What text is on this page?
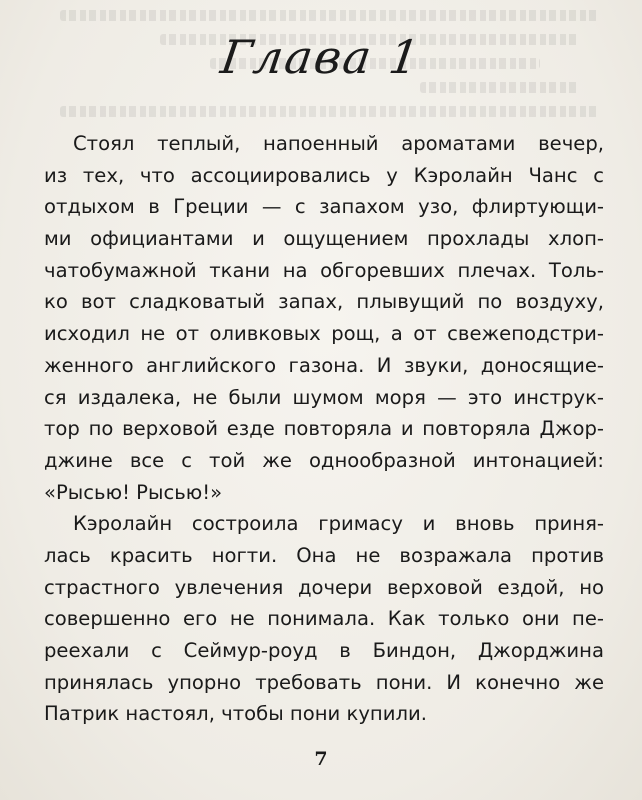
Глава 1

Стоял теплый, напоенный ароматами вечер,
из тех, что ассоциировались у Кэролайн Чанс с
отдыхом в Греции — с запахом узо, флиртующи-
ми официантами и ощущением прохлады хлоп-
чатобумажной ткани на обгоревших плечах. Толь-
ко вот сладковатый запах, плывущий по воздуху,
исходил не от оливковых рощ, а от свежеподстри-
женного английского газона. И звуки, доносящие-
ся издалека, не были шумом моря — это инструк-
тор по верховой езде повторяла и повторяла Джор-
джине все с той же однообразной интонацией:
«Рысью! Рысью!»

Кэролайн состроила гримасу и вновь приня-
лась красить ногти. Она не возражала против
страстного увлечения дочери верховой ездой, но
совершенно его не понимала. Как только они пе-
реехали с Сеймур-роуд в Биндон, Джорджина
принялась упорно требовать пони. И конечно же
Патрик настоял, чтобы пони купили.

7
